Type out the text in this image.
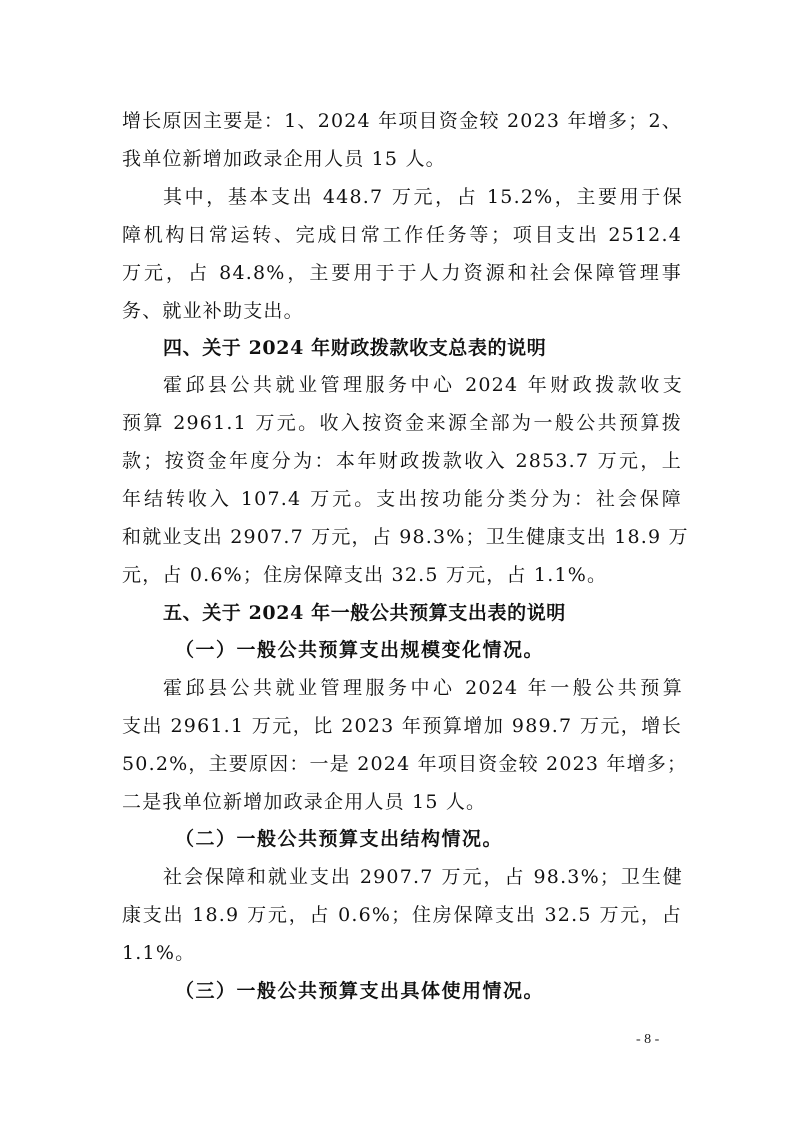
增长原因主要是：1、2024 年项目资金较 2023 年增多；2、
我单位新增加政录企用人员 15 人。
其中，基本支出 448.7 万元，占 15.2%，主要用于保
障机构日常运转、完成日常工作任务等；项目支出 2512.4
万元，占 84.8%，主要用于于人力资源和社会保障管理事
务、就业补助支出。
四、关于 2024 年财政拨款收支总表的说明
霍邱县公共就业管理服务中心 2024 年财政拨款收支
预算 2961.1 万元。收入按资金来源全部为一般公共预算拨
款；按资金年度分为：本年财政拨款收入 2853.7 万元，上
年结转收入 107.4 万元。支出按功能分类分为：社会保障
和就业支出 2907.7 万元，占 98.3%；卫生健康支出 18.9 万
元，占 0.6%；住房保障支出 32.5 万元，占 1.1%。
五、关于 2024 年一般公共预算支出表的说明
（一）一般公共预算支出规模变化情况。
霍邱县公共就业管理服务中心 2024 年一般公共预算
支出 2961.1 万元，比 2023 年预算增加 989.7 万元，增长
50.2%，主要原因：一是 2024 年项目资金较 2023 年增多；
二是我单位新增加政录企用人员 15 人。
（二）一般公共预算支出结构情况。
社会保障和就业支出 2907.7 万元，占 98.3%；卫生健
康支出 18.9 万元，占 0.6%；住房保障支出 32.5 万元，占
1.1%。
（三）一般公共预算支出具体使用情况。
- 8 -
